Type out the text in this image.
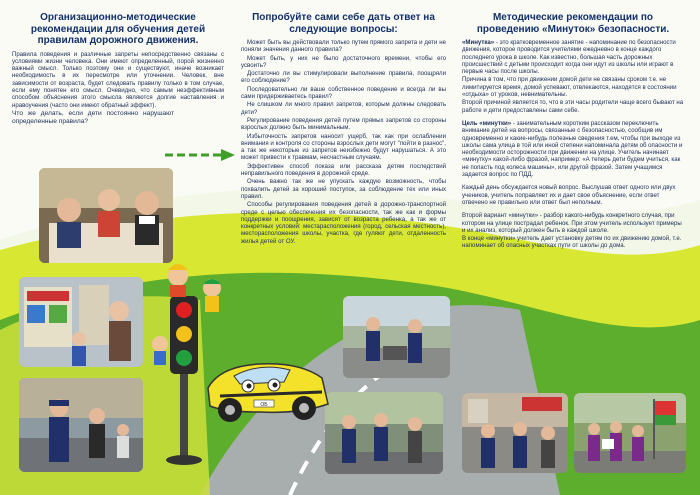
Организационно-методические рекомендации для обучения детей правилам дорожного движения.

Правила поведения и различные запреты непосредственно связаны с условиями жизни человека. Они имеют определенный, порой жизненно важный смысл. Только поэтому они и существуют, иначе возникает необходимость в их пересмотре или уточнении. Человек, вне зависимости от возраста, будет следовать правилу только в том случае, если ему понятен его смысл. Очевидно, что самым неэффективным способом объяснения этого смысла являются долгие наставления и нравоучения (часто они имеют обратный эффект).

Что же делать, если дети постоянно нарушают определенные правила?

Попробуйте сами себе дать ответ на следующие вопросы:

Может быть вы действовали только путем прямого запрета и дети не поняли значения данного правила?

Может быть, у них не было достаточного времени, чтобы его усвоить?

Достаточно ли вы стимулировали выполнение правила, поощряли его соблюдение?

Последовательно ли ваше собственное поведение и всегда ли вы сами придерживаетесь правил?

Не слишком ли много правил запретов, которым должны следовать дети?

Регулирование поведения детей путем прямых запретов со стороны взрослых должно быть минимальным.

Избыточность запретов наносит ущерб, так как при ослаблении внимания и контроля со стороны взрослых дети могут "пойти в разнос", а так же некоторые из запретов неизбежно будут нарушаться. А это может привести к травмам, несчастным случаям.

Эффективен способ показа или рассказа детям последствий неправильного поведения в дорожной среде.

Очень важно так же не упускать каждую возможность, чтобы похвалить детей за хороший поступок, за соблюдение тех или иных правил.

Способы регулирования поведения детей в дорожно-транспортной среде с целью обеспечения их безопасности, так же как и формы поддержки и поощрения, зависят от возраста ребенка, а так же от конкретных условий: местарасположения (город, сельская местность), месторасположения школы, участка, где гуляют дети, отдаленность жилья детей от ОУ.

ОБ
Методические рекомендации по проведению «Минуток» безопасности.

«Минутка» - это кратковременное занятие - напоминание по безопасности движения, которое проводится учителями ежедневно в конце каждого последнего урока в школе. Как известно, большая часть дорожных происшествий с детьми происходит когда они идут из школы или играют в первые часы после школы.

Причина в том, что при движении домой дети не связаны сроком т.е. не лимитируется время, домой успевают, отвлекаются, находятся в состоянии «отдыха» от уроков, невнимательны.

Второй причиной является то, что в эти часы родители чаще всего бывают на работе и дети предоставлены сами себе.

Цель «минутки» - занимательным коротким рассказом переключить внимание детей на вопросы, связанные с безопасностью, сообщив им одновременно и какие-нибудь полезные сведения т.ем, чтобы при выходе из школы сама улица в той или иной степени напоминала детям об опасности и необходимости осторожности при движении на улице. Учитель начинает «минутку» какой-либо фразой, например: «А теперь дети будем учиться, как не попасть под колеса машины», или другой фразой. Затем учащимся задается вопрос по ПДД.

Каждый день обсуждается новый вопрос. Выслушав ответ одного или двух учеников, учитель поправляет их и дает свое объяснение, если ответ отвечено не правильно или ответ был неполным.

Второй вариант «минутки» - разбор какого-нибудь конкретного случая, при котором на улице пострадал ребенок. При этом учитель использует примеры и их анализ, который должен быть в каждой школе.

В конце «минутки» учитель дает установку детям по их движению домой, т.е. напоминает об опасных участках пути от школы до дома.
